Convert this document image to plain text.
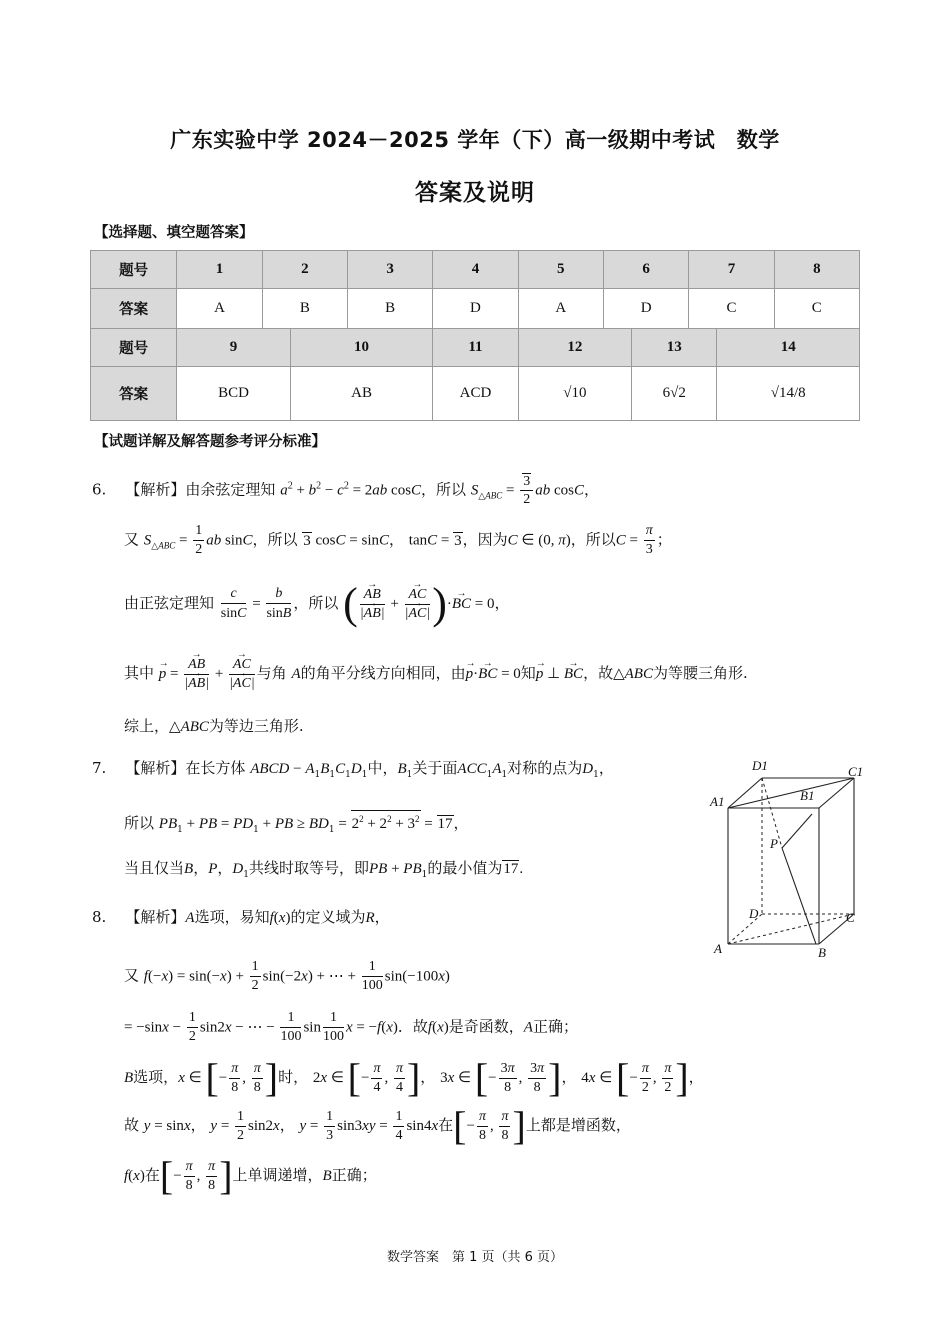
广东实验中学 2024－2025 学年（下）高一级期中考试　数学
答案及说明
【选择题、填空题答案】
题号	1	2		3	4	5	6		7		8
答案	A	B		B	D	A	D		C		C
题号	9		10		11	12		13		14	
答案	BCD		AB		ACD	√10		6√2		√14/8	
【试题详解及解答题参考评分标准】
6. 【解析】由余弦定理知 $a^2 + b^2 - c^2 = 2ab$ cosC，所以 $S_{\triangle ABC} = \frac{3}{2}$ ab cosC，
又 $S_{\triangle ABC} = \frac{1}{2}$ ab sinC，所以 3 cosC = sinC， tanC = 3，因为C ∈ (0, π)，所以$C = \frac{\pi}{3}$ ；
由正弦定理知 $\frac{c}{\sin C} = \frac{b}{\sin B}$ ，所以 ( → $\frac{AB}{|\to AB|}$ + → $\frac{AC}{|\to AC|}$ )·→ BC = 0，
其中 → p = → $\frac{AB}{|\to AB|}$ + → $\frac{AC}{|\to AC|}$ 与角 A的角平分线方向相同，由→ p·→ BC = 0知→ p ⊥ → BC，故△ABC为等腰三角形.
综上，△ABC为等边三角形.
7. 【解析】在长方体 ABCD − $A_1B_1C_1D_1$中，$B_1$关于面$ACC_1A_1$对称的点为$D_1$，
所以 $PB_1$ + PB = $PD_1$ + PB ≥ $BD_1 = 2^2 + 2^2 + 3^2 = 17$，
当且仅当B，P，$D_1$共线时取等号，即PB + $PB_1$的最小值为17.
D1	C1
B1
A1
P
D	C
A	B
8. 【解析】A选项，易知f(x)的定义域为R，
又 $f(-x) = \sin(-x) + \frac{1}{2} \sin(-2x)$ + ⋯ + $\frac{1}{100} \sin(-100x)$
= $-\sin x - \frac{1}{2} \sin 2x$ − ⋯ − $\frac{1}{100}$ $\sin \frac{1}{100}$ x = −f(x)．故f(x)是奇函数，A正确；
B选项，x ∈ [− $\frac{\pi}{8}$ , $\frac{\pi}{8}$ ]时， 2x ∈ [− $\frac{\pi}{4}$ , $\frac{\pi}{4}$ ]， 3x ∈ [− $\frac{3\pi}{8}$ , $\frac{3\pi}{8}$ ]， 4x ∈ [− $\frac{\pi}{2}$ , $\frac{\pi}{2}$ ]，
故 y = sinx， $y = \frac{1}{2} \sin 2x$， $y = \frac{1}{3} \sin 3xy = \frac{1}{4} \sin 4x$在[− $\frac{\pi}{8}$ , $\frac{\pi}{8}$ ]上都是增函数，
f(x)在[− $\frac{\pi}{8}$ , $\frac{\pi}{8}$ ]上单调递增，B正确；
数学答案　第 1 页（共 6 页）
